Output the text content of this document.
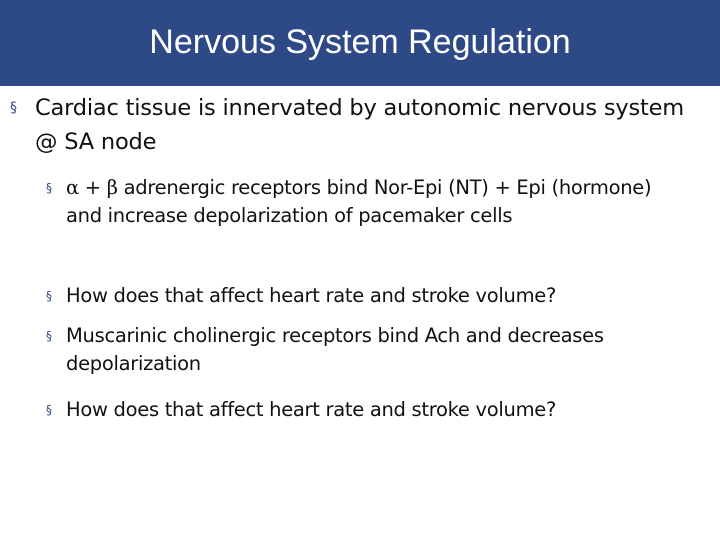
Nervous System Regulation
§ Cardiac tissue is innervated by autonomic nervous system @ SA node
§ α + β adrenergic receptors bind Nor-Epi (NT) + Epi (hormone) and increase depolarization of pacemaker cells
§ How does that affect heart rate and stroke volume?
§ Muscarinic cholinergic receptors bind Ach and decreases depolarization
§ How does that affect heart rate and stroke volume?
